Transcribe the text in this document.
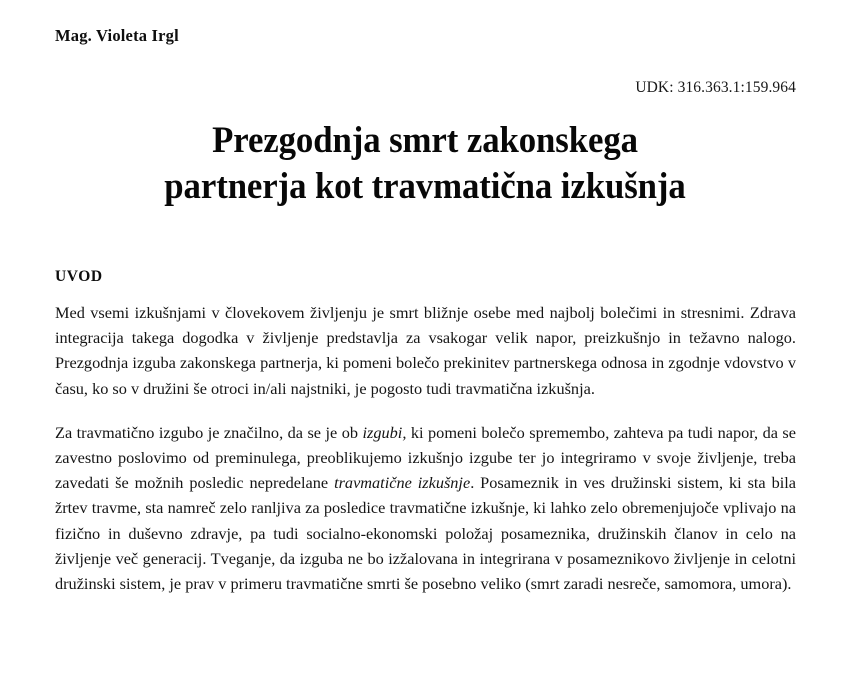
Mag. Violeta Irgl
UDK: 316.363.1:159.964
Prezgodnja smrt zakonskega
partnerja kot travmatična izkušnja
UVOD

Med vsemi izkušnjami v človekovem življenju je smrt bližnje osebe med najbolj bolečimi in stresnimi. Zdrava integracija takega dogodka v življenje predstavlja za vsakogar velik napor, preizkušnjo in težavno nalogo. Prezgodnja izguba zakonskega partnerja, ki pomeni bolečo prekinitev partnerskega odnosa in zgodnje vdovstvo v času, ko so v družini še otroci in/ali najstniki, je pogosto tudi travmatična izkušnja.

Za travmatično izgubo je značilno, da se je ob izgubi, ki pomeni bolečo spremembo, zahteva pa tudi napor, da se zavestno poslovimo od preminulega, preoblikujemo izkušnjo izgube ter jo integriramo v svoje življenje, treba zavedati še možnih posledic nepredelane travmatične izkušnje. Posameznik in ves družinski sistem, ki sta bila žrtev travme, sta namreč zelo ranljiva za posledice travmatične izkušnje, ki lahko zelo obremenjujoče vplivajo na fizično in duševno zdravje, pa tudi socialno-ekonomski položaj posameznika, družinskih članov in celo na življenje več generacij. Tveganje, da izguba ne bo izžalovana in integrirana v posameznikovo življenje in celotni družinski sistem, je prav v primeru travmatične smrti še posebno veliko (smrt zaradi nesreče, samomora, umora).
